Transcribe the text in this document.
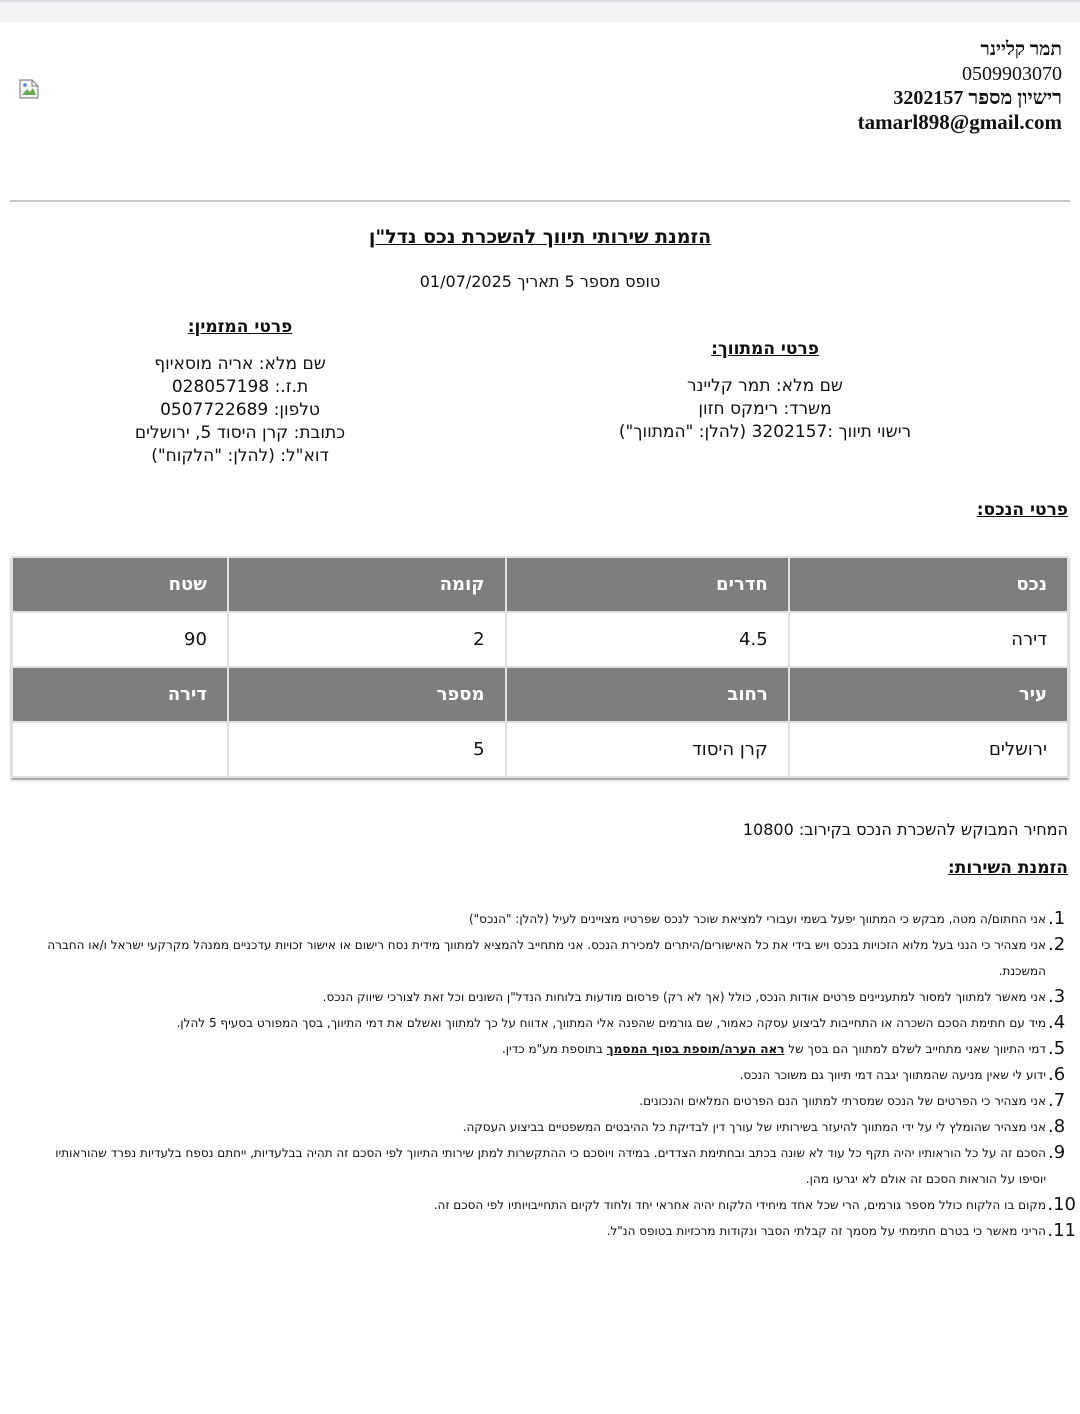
תמר קליינר
0509903070
רישיון מספר 3202157
tamarl898@gmail.com
הזמנת שירותי תיווך להשכרת נכס נדל"ן
טופס מספר 5 תאריך 01/07/2025
פרטי המתווך:
שם מלא: תמר קליינר
משרד: רימקס חזון
רישוי תיווך :3202157 (להלן: "המתווך")
פרטי המזמין:
שם מלא: אריה מוסאיוף
ת.ז.: 028057198
טלפון: 0507722689
כתובת: קרן היסוד 5, ירושלים
דוא"ל: (להלן: "הלקוח")
פרטי הנכס:
נכס	חדרים	קומה	שטח
דירה	4.5	2	90
עיר	רחוב	מספר	דירה
ירושלים	קרן היסוד	5	
המחיר המבוקש להשכרת הנכס בקירוב: 10800
הזמנת השירות:
1.
אני החתום/ה מטה, מבקש כי המתווך יפעל בשמי ועבורי למציאת שוכר לנכס שפרטיו מצויינים לעיל (להלן: "הנכס")
2.
אני מצהיר כי הנני בעל מלוא הזכויות בנכס ויש בידי את כל האישורים/היתרים למכירת הנכס. אני מתחייב להמציא למתווך מידית נסח רישום או אישור זכויות עדכניים ממנהל מקרקעי ישראל ו/או החברה המשכנת.
3.
אני מאשר למתווך למסור למתעניינים פרטים אודות הנכס, כולל (אך לא רק) פרסום מודעות בלוחות הנדל"ן השונים וכל זאת לצורכי שיווק הנכס.
4.
מיד עם חתימת הסכם השכרה או התחייבות לביצוע עסקה כאמור, שם גורמים שהפנה אלי המתווך, אדווח על כך למתווך ואשלם את דמי התיווך, בסך המפורט בסעיף 5 להלן.
5.
דמי התיווך שאני מתחייב לשלם למתווך הם בסך של ראה הערה/תוספת בסוף המסמך בתוספת מע"מ כדין.
6.
ידוע לי שאין מניעה שהמתווך יגבה דמי תיווך גם משוכר הנכס.
7.
אני מצהיר כי הפרטים של הנכס שמסרתי למתווך הנם הפרטים המלאים והנכונים.
8.
אני מצהיר שהומלץ לי על ידי המתווך להיעזר בשירותיו של עורך דין לבדיקת כל ההיבטים המשפטיים בביצוע העסקה.
9.
הסכם זה על כל הוראותיו יהיה תקף כל עוד לא שונה בכתב ובחתימת הצדדים. במידה ויוסכם כי ההתקשרות למתן שירותי התיווך לפי הסכם זה תהיה בבלעדיות, ייחתם נספח בלעדיות נפרד שהוראותיו יוסיפו על הוראות הסכם זה אולם לא יגרעו מהן.
10.
מקום בו הלקוח כולל מספר גורמים, הרי שכל אחד מיחידי הלקוח יהיה אחראי יחד ולחוד לקיום התחייבויותיו לפי הסכם זה.
11.
הריני מאשר כי בטרם חתימתי על מסמך זה קבלתי הסבר ונקודות מרכזיות בטופס הנ"ל.
